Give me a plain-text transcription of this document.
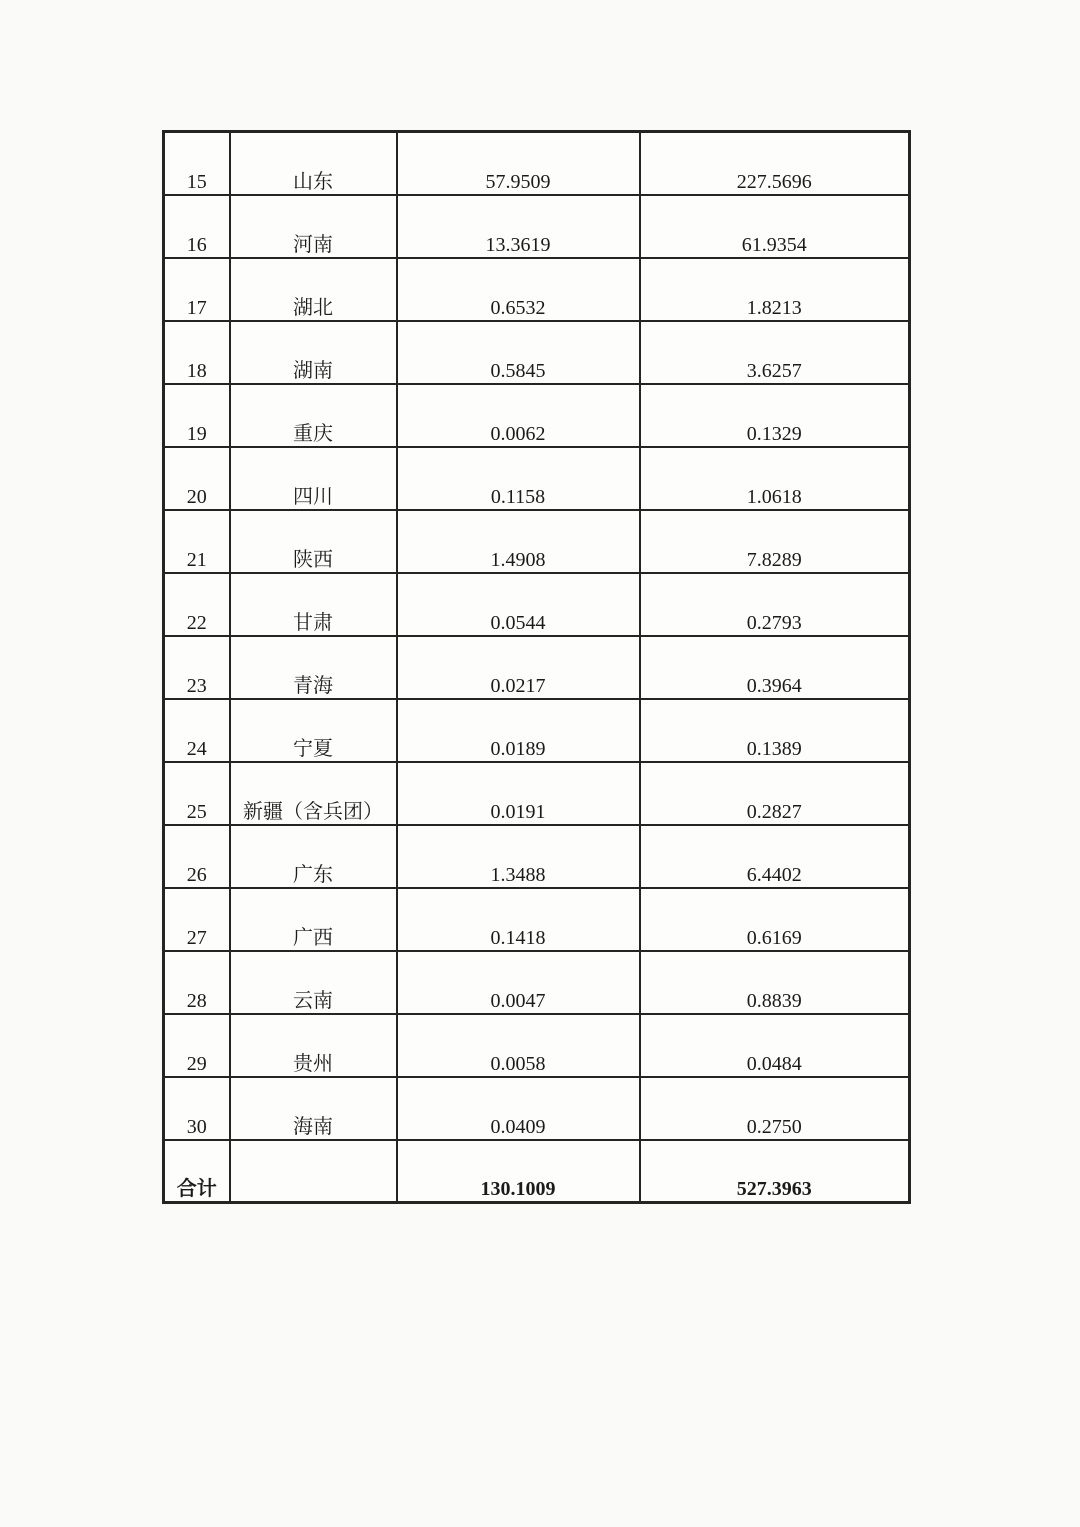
15	山东	57.9509	227.5696
16	河南	13.3619	61.9354
17	湖北	0.6532	1.8213
18	湖南	0.5845	3.6257
19	重庆	0.0062	0.1329
20	四川	0.1158	1.0618
21	陕西	1.4908	7.8289
22	甘肃	0.0544	0.2793
23	青海	0.0217	0.3964
24	宁夏	0.0189	0.1389
25	新疆（含兵团）	0.0191	0.2827
26	广东	1.3488	6.4402
27	广西	0.1418	0.6169
28	云南	0.0047	0.8839
29	贵州	0.0058	0.0484
30	海南	0.0409	0.2750
合计		130.1009	527.3963
